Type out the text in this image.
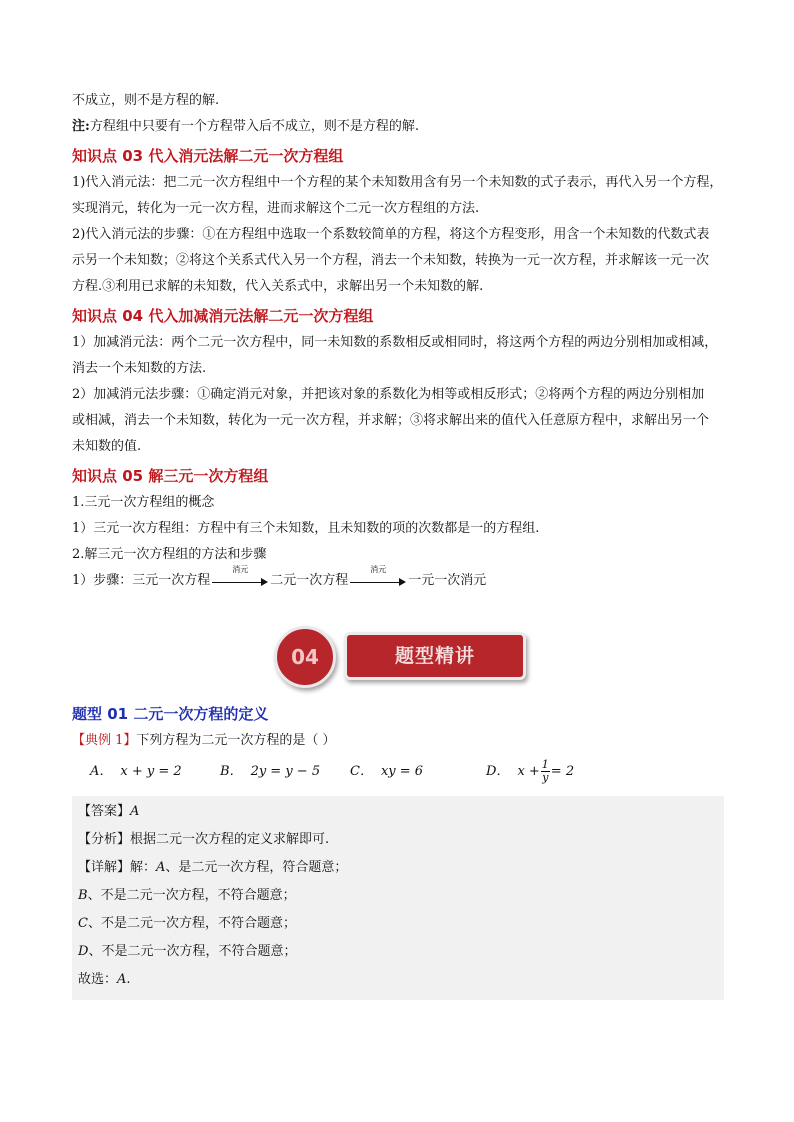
不成立，则不是方程的解.

注:方程组中只要有一个方程带入后不成立，则不是方程的解.

知识点 03 代入消元法解二元一次方程组

1)代入消元法：把二元一次方程组中一个方程的某个未知数用含有另一个未知数的式子表示，再代入另一个方程，

实现消元，转化为一元一次方程，进而求解这个二元一次方程组的方法.

2)代入消元法的步骤：①在方程组中选取一个系数较简单的方程，将这个方程变形，用含一个未知数的代数式表

示另一个未知数；②将这个关系式代入另一个方程，消去一个未知数，转换为一元一次方程，并求解该一元一次

方程.③利用已求解的未知数，代入关系式中，求解出另一个未知数的解.

知识点 04 代入加减消元法解二元一次方程组

1）加减消元法：两个二元一次方程中，同一未知数的系数相反或相同时，将这两个方程的两边分别相加或相减，

消去一个未知数的方法.

2）加减消元法步骤：①确定消元对象，并把该对象的系数化为相等或相反形式；②将两个方程的两边分别相加

或相减，消去一个未知数，转化为一元一次方程，并求解；③将求解出来的值代入任意原方程中，求解出另一个

未知数的值.

知识点 05 解三元一次方程组

1.三元一次方程组的概念

1）三元一次方程组：方程中有三个未知数，且未知数的项的次数都是一的方程组.

2.解三元一次方程组的方法和步骤

1）步骤：三元一次方程
消元
二元一次方程
消元
一元一次消元

04	题型精讲
题型 01 二元一次方程的定义

【典例 1】下列方程为二元一次方程的是（ ）

A． x + y = 2	B． 2y = y − 5	C． xy = 6	D． $x + \frac{1}{y} = 2$

【答案】A

【分析】根据二元一次方程的定义求解即可.

【详解】解：A、是二元一次方程，符合题意；

B、不是二元一次方程，不符合题意；

C、不是二元一次方程，不符合题意；

D、不是二元一次方程，不符合题意；

故选：A.
